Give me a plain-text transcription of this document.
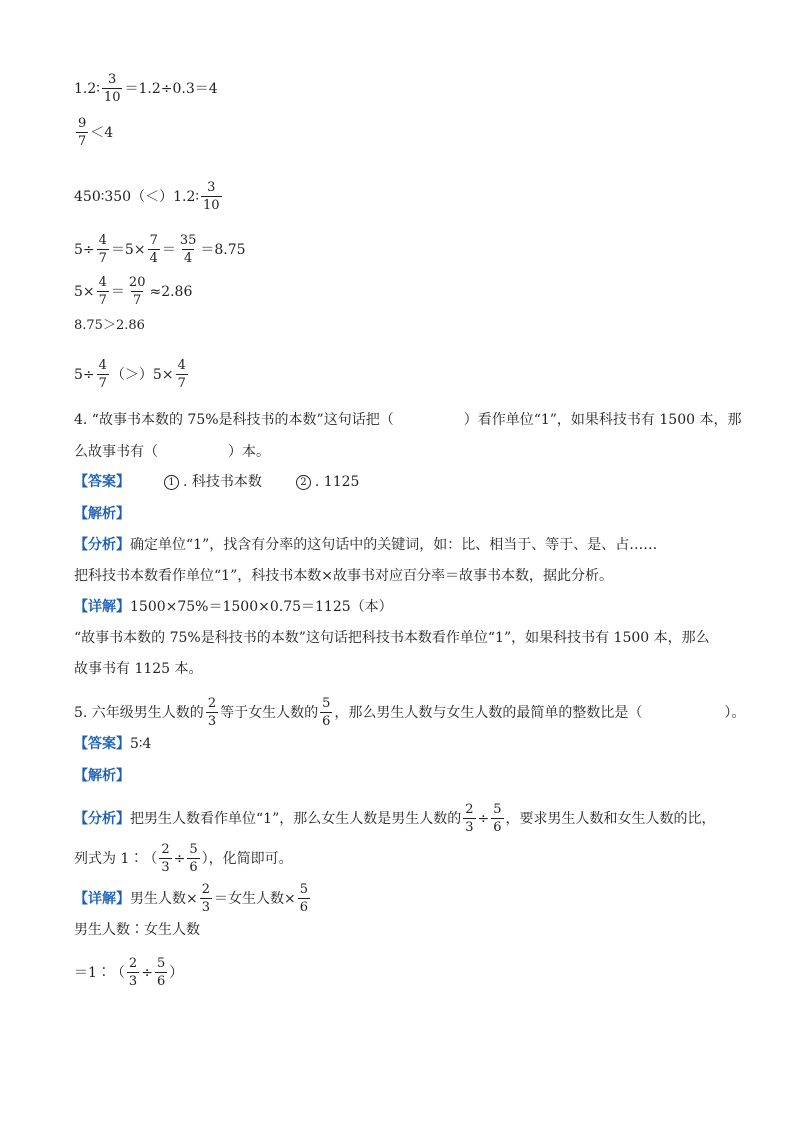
1.2∶ $\frac{3}{10} =1.2\div 0.3=4$
$\frac{9}{7} <4$
450∶350（＜）1.2∶ $\frac{3}{10}$
$5\div \frac{4}{7} =5\times \frac{7}{4} = \frac{35}{4} =8.75$
$5\times \frac{4}{7} = \frac{20}{7} \approx 2.86$
8.75＞2.86
$5\div \frac{4}{7} (>)5\times \frac{4}{7}$
4. “故事书本数的 75%是科技书的本数”这句话把（	）看作单位“1”，如果科技书有 1500 本，那
么故事书有（	）本。
【答案】	1 . 科技书本数	2 . 1125
【解析】
【分析】 确定单位“1”，找含有分率的这句话中的关键词，如：比、相当于、等于、是、占……
把科技书本数看作单位“1”，科技书本数×故事书对应百分率＝故事书本数，据此分析。
【详解】 1500×75%＝1500×0.75＝1125（本）
“故事书本数的 75%是科技书的本数”这句话把科技书本数看作单位“1”，如果科技书有 1500 本，那么
故事书有 1125 本。
5. 六年级男生人数的 $\frac{2}{3}$ 等于女生人数的 $\frac{5}{6}$ ，那么男生人数与女生人数的最简单的整数比是（	）。
【答案】 5∶4
【解析】
【分析】 把男生人数看作单位“1”，那么女生人数是男生人数的 $\frac{2}{3} \div \frac{5}{6}$ ，要求男生人数和女生人数的比，
列式为 1∶（ $\frac{2}{3} \div \frac{5}{6}$ ），化简即可。
【详解】 男生人数× $\frac{2}{3}$ ＝女生人数× $\frac{5}{6}$
男生人数∶女生人数
＝1∶（ $\frac{2}{3} \div \frac{5}{6}$ ）
